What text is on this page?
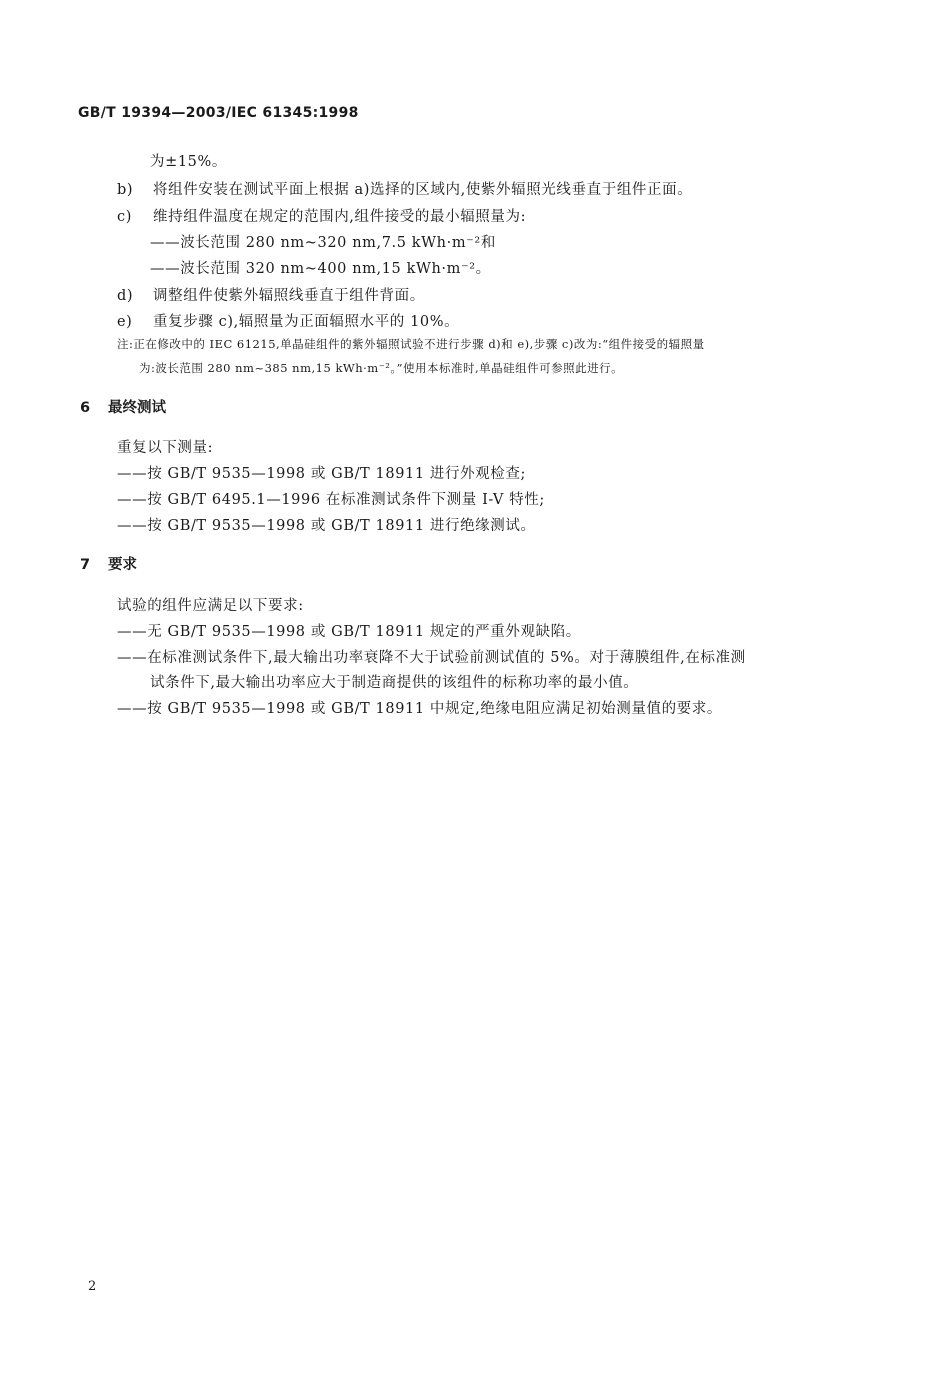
GB/T 19394—2003/IEC 61345:1998
为±15%。
b) 将组件安装在测试平面上根据 a)选择的区域内,使紫外辐照光线垂直于组件正面。
c) 维持组件温度在规定的范围内,组件接受的最小辐照量为:
——波长范围 280 nm~320 nm,7.5 kWh·m⁻²和
——波长范围 320 nm~400 nm,15 kWh·m⁻²。
d) 调整组件使紫外辐照线垂直于组件背面。
e) 重复步骤 c),辐照量为正面辐照水平的 10%。
注:正在修改中的 IEC 61215,单晶硅组件的紫外辐照试验不进行步骤 d)和 e),步骤 c)改为:“组件接受的辐照量
为:波长范围 280 nm~385 nm,15 kWh·m⁻²。”使用本标准时,单晶硅组件可参照此进行。
6 最终测试
重复以下测量:
——按 GB/T 9535—1998 或 GB/T 18911 进行外观检查;
——按 GB/T 6495.1—1996 在标准测试条件下测量 I-V 特性;
——按 GB/T 9535—1998 或 GB/T 18911 进行绝缘测试。
7 要求
试验的组件应满足以下要求:
——无 GB/T 9535—1998 或 GB/T 18911 规定的严重外观缺陷。
——在标准测试条件下,最大输出功率衰降不大于试验前测试值的 5%。对于薄膜组件,在标准测
试条件下,最大输出功率应大于制造商提供的该组件的标称功率的最小值。
——按 GB/T 9535—1998 或 GB/T 18911 中规定,绝缘电阻应满足初始测量值的要求。
2
